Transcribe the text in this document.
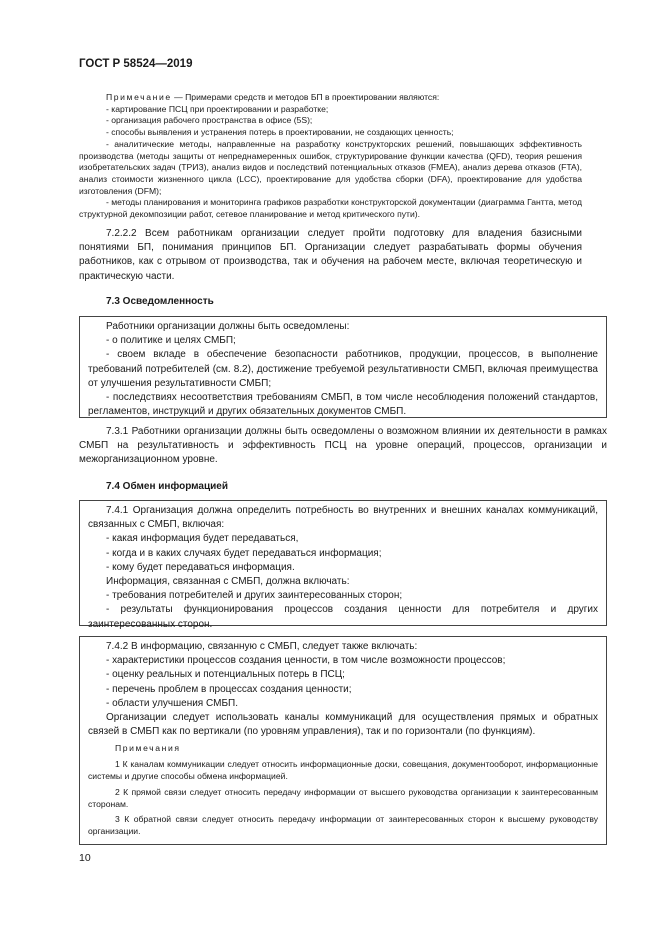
ГОСТ Р 58524—2019

Примечание — Примерами средств и методов БП в проектировании являются:

- картирование ПСЦ при проектировании и разработке;

- организация рабочего пространства в офисе (5S);

- способы выявления и устранения потерь в проектировании, не создающих ценность;

- аналитические методы, направленные на разработку конструкторских решений, повышающих эффективность производства (методы защиты от непреднамеренных ошибок, структурирование функции качества (QFD), теория решения изобретательских задач (ТРИЗ), анализ видов и последствий потенциальных отказов (FMEA), анализ дерева отказов (FTA), анализ стоимости жизненного цикла (LCC), проектирование для удобства сборки (DFA), проектирование для удобства изготовления (DFM);

- методы планирования и мониторинга графиков разработки конструкторской документации (диаграмма Гантта, метод структурной декомпозиции работ, сетевое планирование и метод критического пути).

7.2.2.2 Всем работникам организации следует пройти подготовку для владения базисными понятиями БП, понимания принципов БП. Организации следует разрабатывать формы обучения работников, как с отрывом от производства, так и обучения на рабочем месте, включая теоретическую и практическую части.

7.3 Осведомленность

Работники организации должны быть осведомлены:

- о политике и целях СМБП;

- своем вкладе в обеспечение безопасности работников, продукции, процессов, в выполнение требований потребителей (см. 8.2), достижение требуемой результативности СМБП, включая преимущества от улучшения результативности СМБП;

- последствиях несоответствия требованиям СМБП, в том числе несоблюдения положений стандартов, регламентов, инструкций и других обязательных документов СМБП.

7.3.1 Работники организации должны быть осведомлены о возможном влиянии их деятельности в рамках СМБП на результативность и эффективность ПСЦ на уровне операций, процессов, организации и межорганизационном уровне.

7.4 Обмен информацией

7.4.1 Организация должна определить потребность во внутренних и внешних каналах коммуникаций, связанных с СМБП, включая:

- какая информация будет передаваться,

- когда и в каких случаях будет передаваться информация;

- кому будет передаваться информация.

Информация, связанная с СМБП, должна включать:

- требования потребителей и других заинтересованных сторон;

- результаты функционирования процессов создания ценности для потребителя и других заинтересованных сторон.

7.4.2 В информацию, связанную с СМБП, следует также включать:

- характеристики процессов создания ценности, в том числе возможности процессов;

- оценку реальных и потенциальных потерь в ПСЦ;

- перечень проблем в процессах создания ценности;

- области улучшения СМБП.

Организации следует использовать каналы коммуникаций для осуществления прямых и обратных связей в СМБП как по вертикали (по уровням управления), так и по горизонтали (по функциям).

Примечания

1 К каналам коммуникации следует относить информационные доски, совещания, документооборот, информационные системы и другие способы обмена информацией.

2 К прямой связи следует относить передачу информации от высшего руководства организации к заинтересованным сторонам.

3 К обратной связи следует относить передачу информации от заинтересованных сторон к высшему руководству организации.

10
